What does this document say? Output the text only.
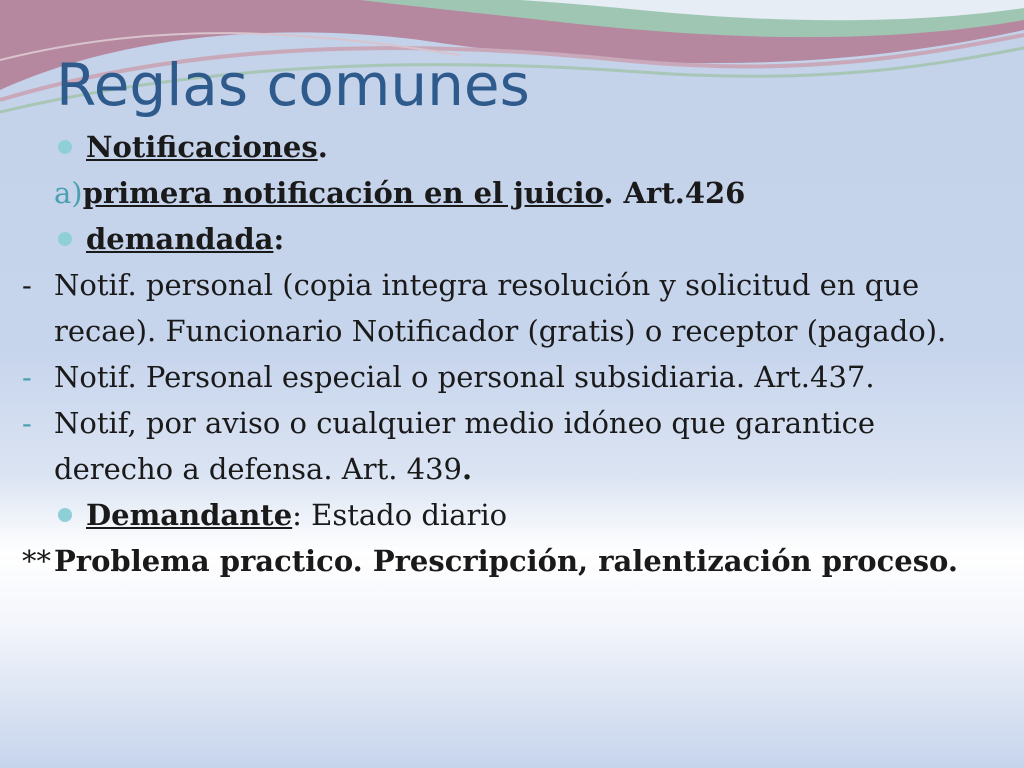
Reglas comunes

Notificaciones.

a)primera notificación en el juicio. Art.426

demandada:

- Notif. personal (copia integra resolución y solicitud en que recae). Funcionario Notificador (gratis) o receptor (pagado).

- Notif. Personal especial o personal subsidiaria. Art.437.

- Notif, por aviso o cualquier medio idóneo que garantice derecho a defensa. Art. 439.

Demandante: Estado diario

** Problema practico. Prescripción, ralentización proceso.
